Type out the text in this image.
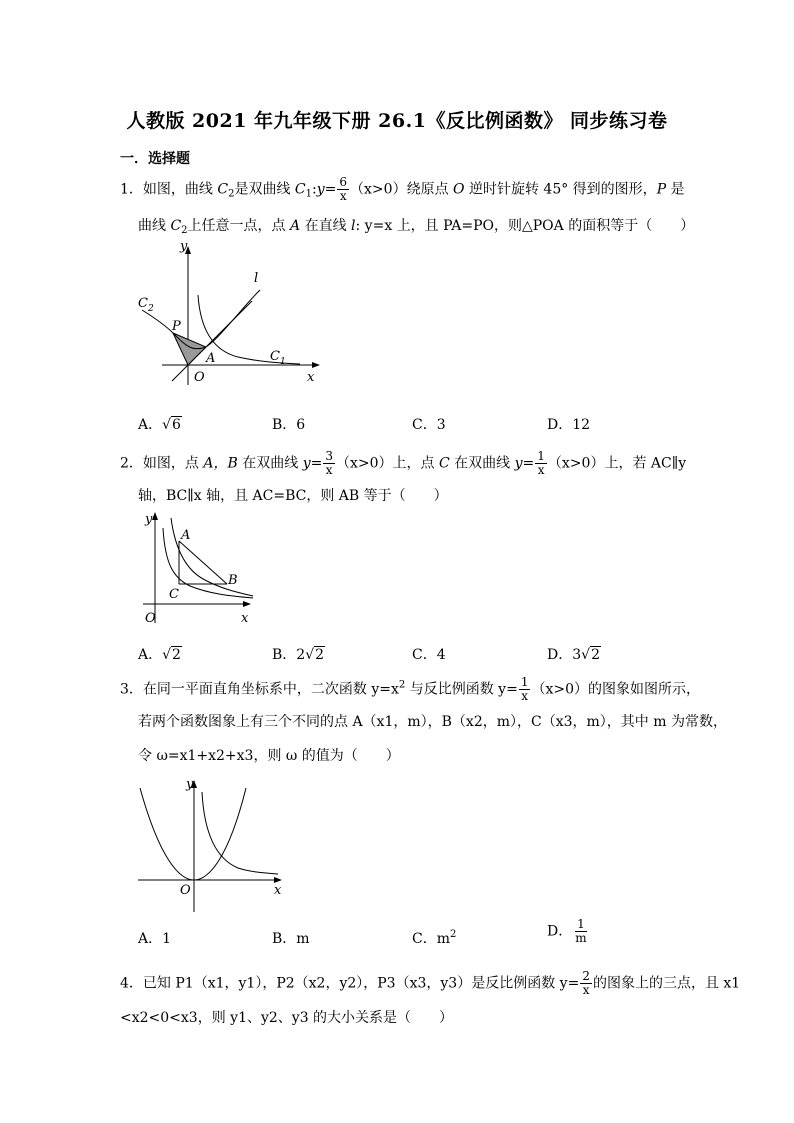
人教版 2021 年九年级下册 26.1《反比例函数》 同步练习卷
一．选择题
1．如图，曲线 $C_2$是双曲线 $C_1:y= \frac{6}{x} (x>0)$绕原点 O 逆时针旋转 45° 得到的图形，P 是
曲线 $C_2$上任意一点，点 A 在直线 l: y=x 上，且 PA=PO，则△POA 的面积等于（　　）
y
x
O
P
A
l
$C_2$
$C_1$
A．√6	B．6	C．3	D．12
2．如图，点 A，B 在双曲线 $y= \frac{3}{x} (x>0)$上，点 C 在双曲线 $y= \frac{1}{x} (x>0)$上，若 AC∥y
轴，BC∥x 轴，且 AC=BC，则 AB 等于（　　）
y
x
O
A
B
C
A．√2	B．2√2	C．4	D．3√2
3．在同一平面直角坐标系中，二次函数 $y=x^2$ 与反比例函数 $y= \frac{1}{x} (x>0)$的图象如图所示，
若两个函数图象上有三个不同的点 A（x1，m），B（x2，m），C（x3，m），其中 m 为常数，
令 ω=x1+x2+x3，则 ω 的值为（　　）
y
x
O
A．1	B．m	C．$m^2$	D． $\frac{1}{m}$
4．已知 P1（x1，y1），P2（x2，y2），P3（x3，y3）是反比例函数 $y= \frac{2}{x}$ 的图象上的三点，且 x1
<x2<0<x3，则 y1、y2、y3 的大小关系是（　　）
